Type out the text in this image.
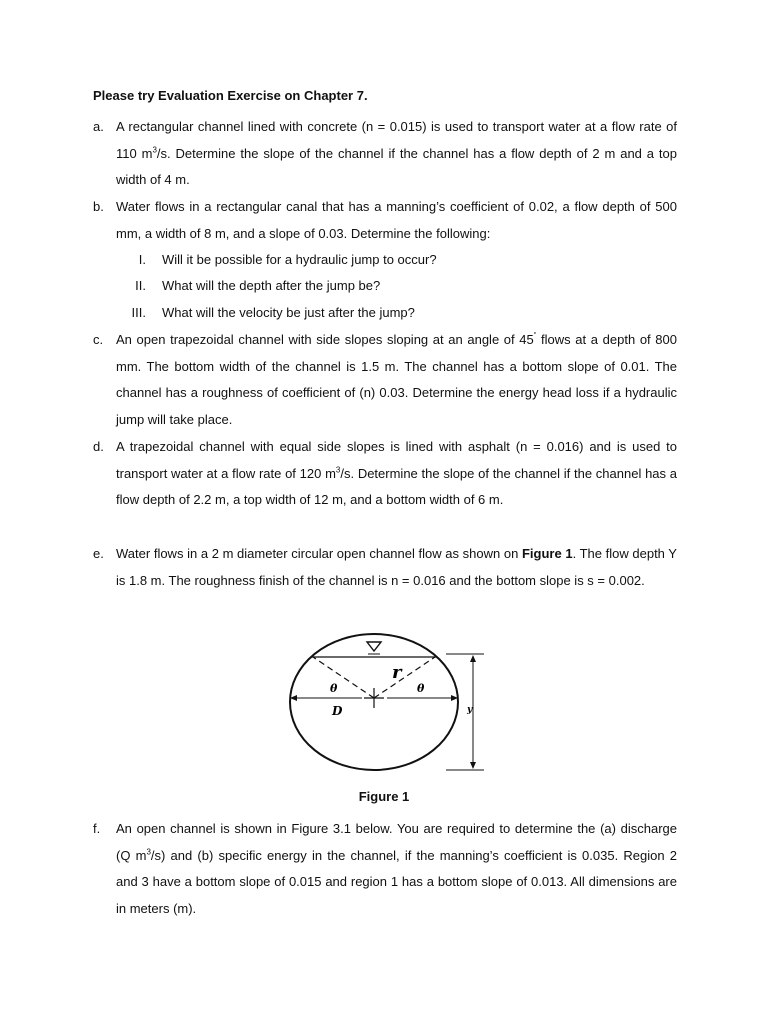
Please try Evaluation Exercise on Chapter 7.
a. A rectangular channel lined with concrete (n = 0.015) is used to transport water at a flow rate of 110 $m^3/s$. Determine the slope of the channel if the channel has a flow depth of 2 m and a top width of 4 m.
b. Water flows in a rectangular canal that has a manning’s coefficient of 0.02, a flow depth of 500 mm, a width of 8 m, and a slope of 0.03. Determine the following:
I. Will it be possible for a hydraulic jump to occur?
II. What will the depth after the jump be?
III. What will the velocity be just after the jump?
c. An open trapezoidal channel with side slopes sloping at an angle of 45˚ flows at a depth of 800 mm. The bottom width of the channel is 1.5 m. The channel has a bottom slope of 0.01. The channel has a roughness of coefficient of (n) 0.03. Determine the energy head loss if a hydraulic jump will take place.
d. A trapezoidal channel with equal side slopes is lined with asphalt (n = 0.016) and is used to transport water at a flow rate of 120 $m^3/s$. Determine the slope of the channel if the channel has a flow depth of 2.2 m, a top width of 12 m, and a bottom width of 6 m.
e. Water flows in a 2 m diameter circular open channel flow as shown on Figure 1. The flow depth Y is 1.8 m. The roughness finish of the channel is n = 0.016 and the bottom slope is s = 0.002.
θ	θ
D
r
y
Figure 1
f.	An open channel is shown in Figure 3.1 below. You are required to determine the (a) discharge (Q $m^3/s$) and (b) specific energy in the channel, if the manning’s coefficient is 0.035. Region 2 and 3 have a bottom slope of 0.015 and region 1 has a bottom slope of 0.013. All dimensions are in meters (m).
